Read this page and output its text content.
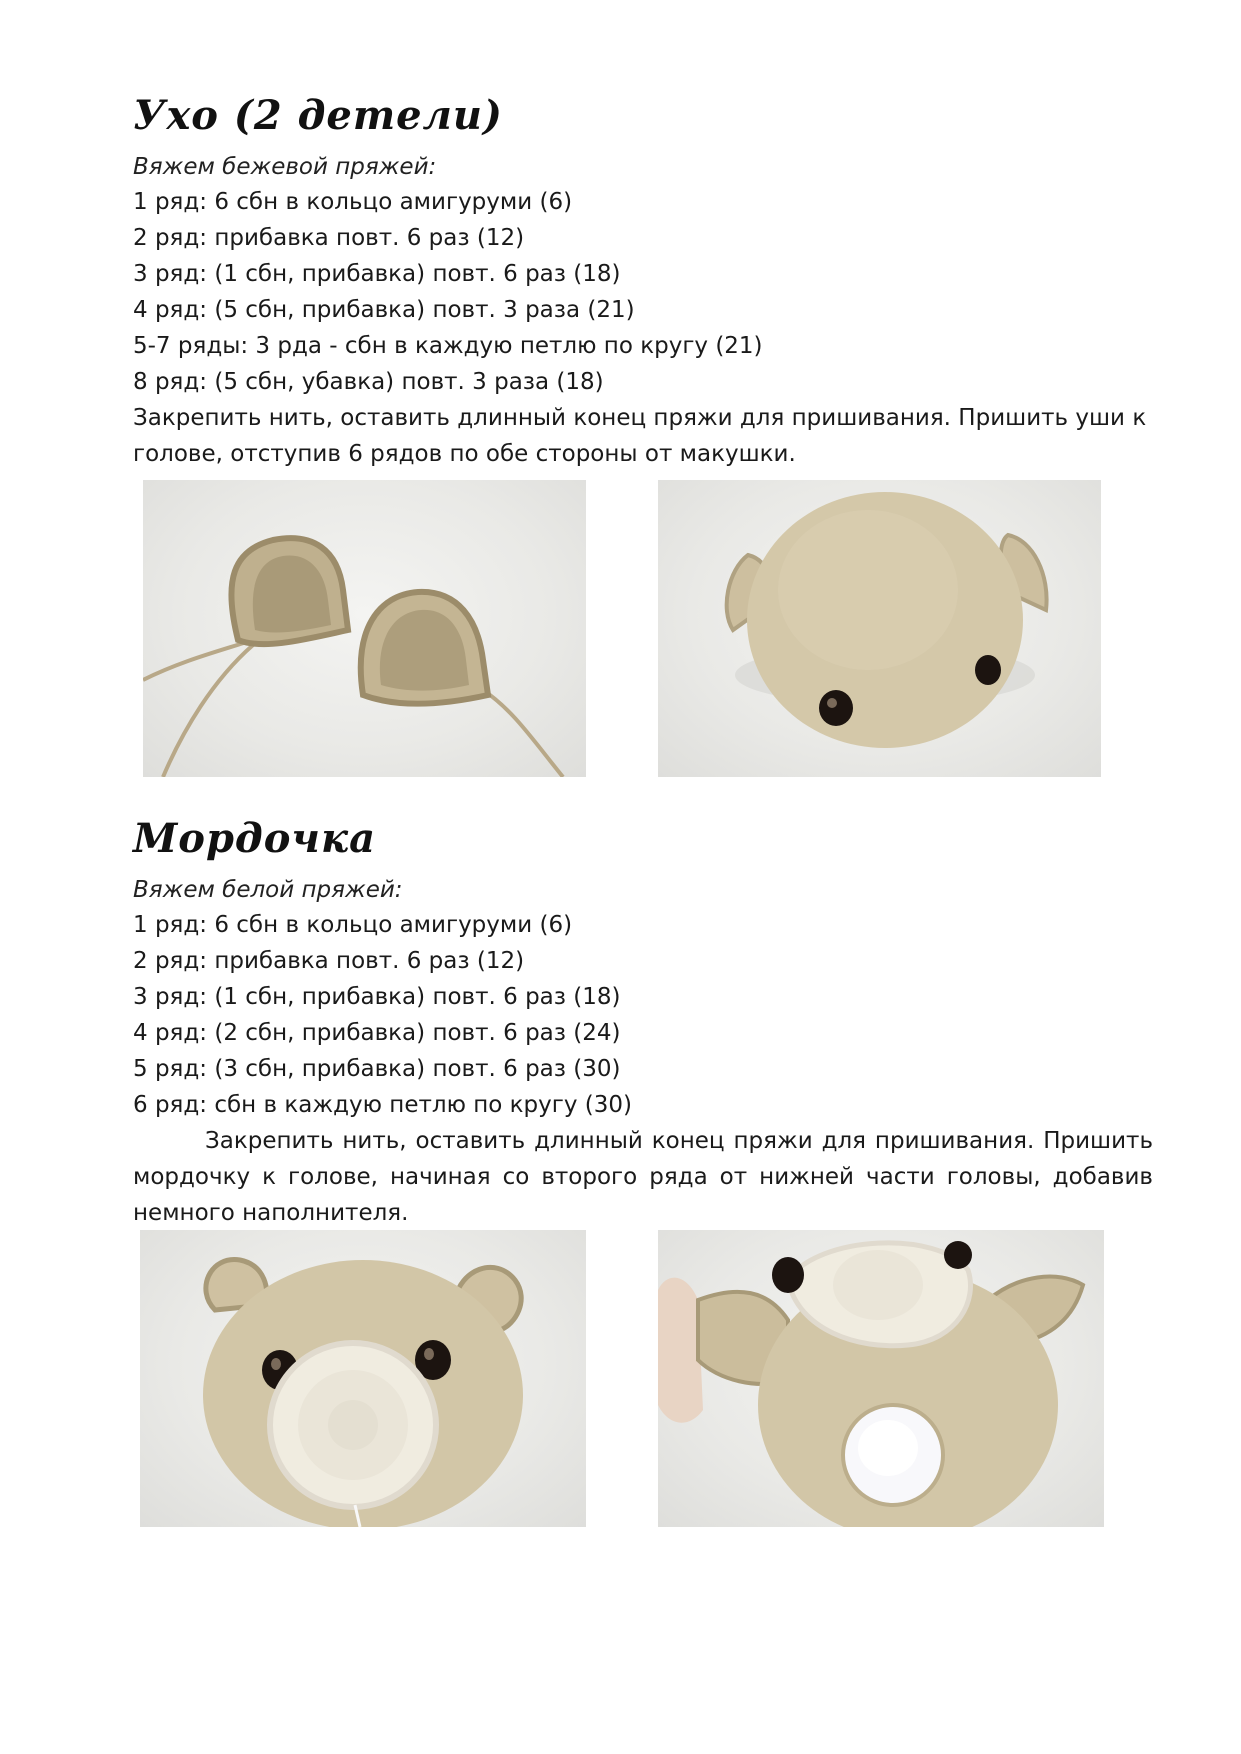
Ухо (2 детели)
Вяжем бежевой пряжей:
1 ряд: 6 сбн в кольцо амигуруми (6)
2 ряд: прибавка повт. 6 раз (12)
3 ряд: (1 сбн, прибавка) повт. 6 раз (18)
4 ряд: (5 сбн, прибавка) повт. 3 раза (21)
5-7 ряды: 3 рда - сбн в каждую петлю по кругу (21)
8 ряд: (5 сбн, убавка) повт. 3 раза (18)
Закрепить нить, оставить длинный конец пряжи для пришивания. Пришить уши к голове, отступив 6 рядов по обе стороны от макушки.
Мордочка
Вяжем белой пряжей:
1 ряд: 6 сбн в кольцо амигуруми (6)
2 ряд: прибавка повт. 6 раз (12)
3 ряд: (1 сбн, прибавка) повт. 6 раз (18)
4 ряд: (2 сбн, прибавка) повт. 6 раз (24)
5 ряд: (3 сбн, прибавка) повт. 6 раз (30)
6 ряд: сбн в каждую петлю по кругу (30)
Закрепить нить, оставить длинный конец пряжи для пришивания. Пришить мордочку к голове, начиная со второго ряда от нижней части головы, добавив немного наполнителя.
